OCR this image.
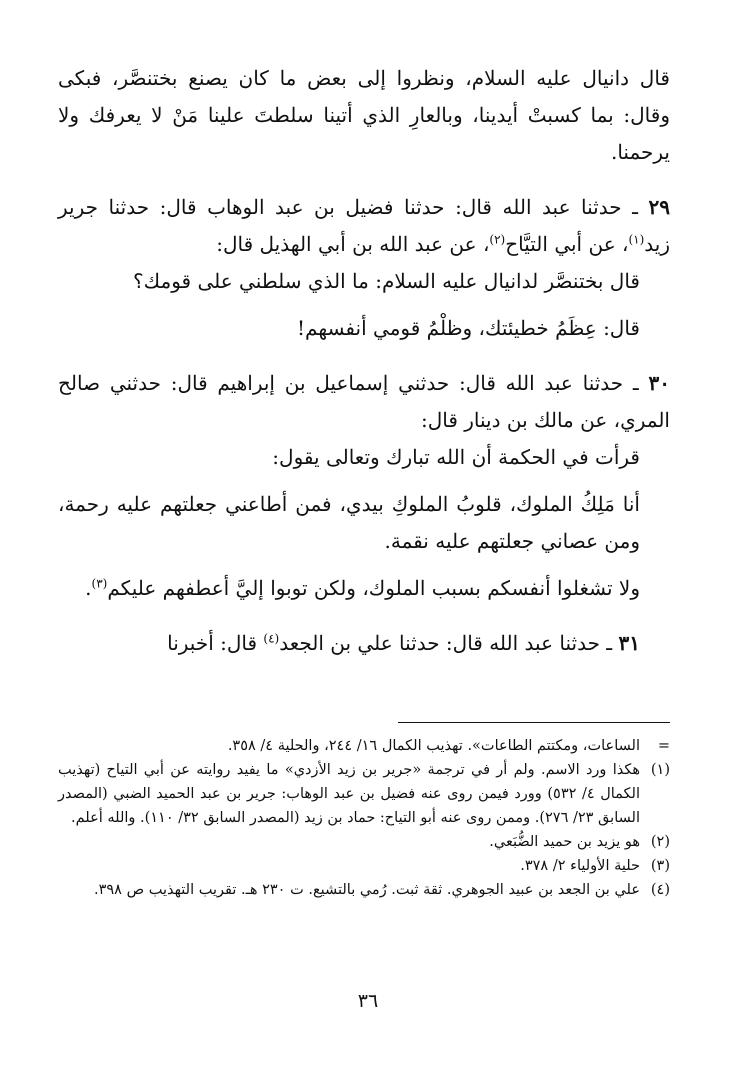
قال دانيال عليه السلام، ونظروا إلى بعض ما كان يصنع بختنصَّر، فبكى وقال: بما كسبتْ أيدينا، وبالعارِ الذي أتينا سلطتَ علينا مَنْ لا يعرفك ولا يرحمنا.

٢٩ ـ حدثنا عبد الله قال: حدثنا فضيل بن عبد الوهاب قال: حدثنا جرير زيد$^{(١)}$، عن أبي التيَّاح$^{(٢)}$، عن عبد الله بن أبي الهذيل قال:

قال بختنصَّر لدانيال عليه السلام: ما الذي سلطني على قومك؟

قال: عِظَمُ خطيئتك، وظلْمُ قومي أنفسهم!

٣٠ ـ حدثنا عبد الله قال: حدثني إسماعيل بن إبراهيم قال: حدثني صالح المري، عن مالك بن دينار قال:

قرأت في الحكمة أن الله تبارك وتعالى يقول:

أنا مَلِكُ الملوك، قلوبُ الملوكِ بيدي، فمن أطاعني جعلتهم عليه رحمة، ومن عصاني جعلتهم عليه نقمة.

ولا تشغلوا أنفسكم بسبب الملوك، ولكن توبوا إليَّ أعطفهم عليكم$^{(٣)}$.

٣١ ـ حدثنا عبد الله قال: حدثنا علي بن الجعد$^{(٤)}$ قال: أخبرنا

=
الساعات، ومكتتم الطاعات». تهذيب الكمال ١٦/ ٢٤٤، والحلية ٤/ ٣٥٨.
(١)
هكذا ورد الاسم. ولم أر في ترجمة «جرير بن زيد الأزدي» ما يفيد روايته عن أبي التياح (تهذيب الكمال ٤/ ٥٣٢) وورد فيمن روى عنه فضيل بن عبد الوهاب: جرير بن عبد الحميد الضبي (المصدر السابق ٢٣/ ٢٧٦). وممن روى عنه أبو التياح: حماد بن زيد (المصدر السابق ٣٢/ ١١٠). والله أعلم.
(٢)
هو يزيد بن حميد الضُّبَعي.
(٣)
حلية الأولياء ٢/ ٣٧٨.
(٤)
علي بن الجعد بن عبيد الجوهري. ثقة ثبت. رُمي بالتشيع. ت ٢٣٠ هـ. تقريب التهذيب ص ٣٩٨.
٣٦
